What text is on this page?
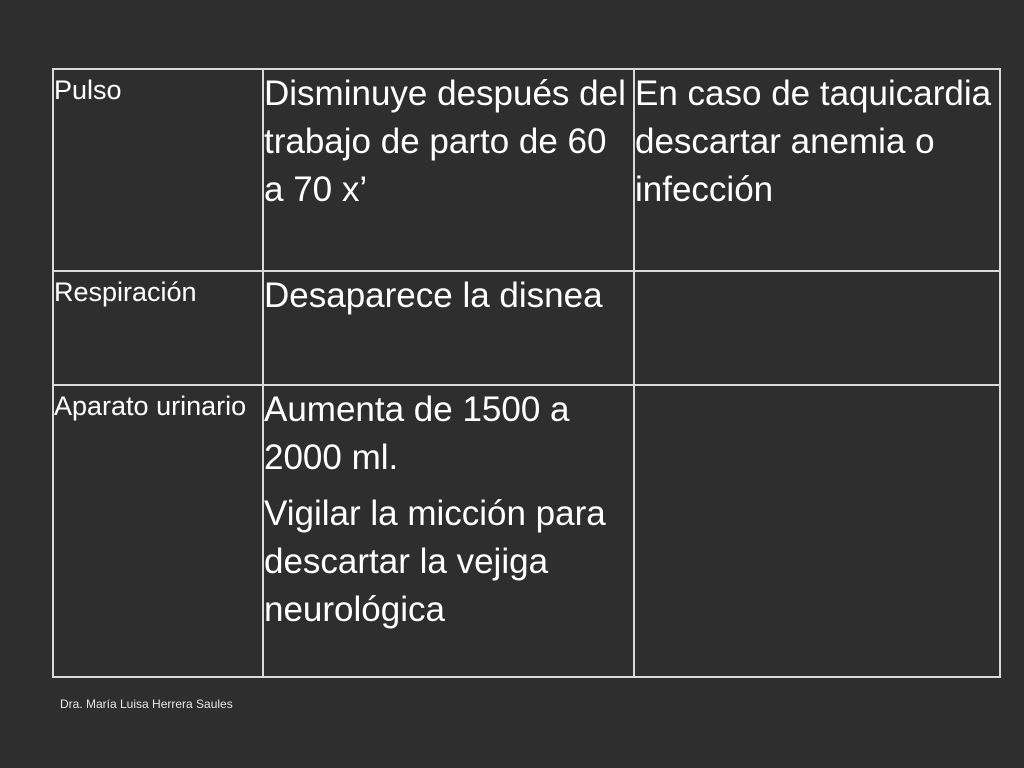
Pulso	Disminuye después del trabajo de parto de 60 a 70 x’	En caso de taquicardia descartar anemia o infección
Respiración	Desaparece la disnea	

Aparato urinario	Aumenta de 1500 a 2000 ml.

Vigilar la micción para descartar la vejiga neurológica	

Dra. María Luisa Herrera Saules
